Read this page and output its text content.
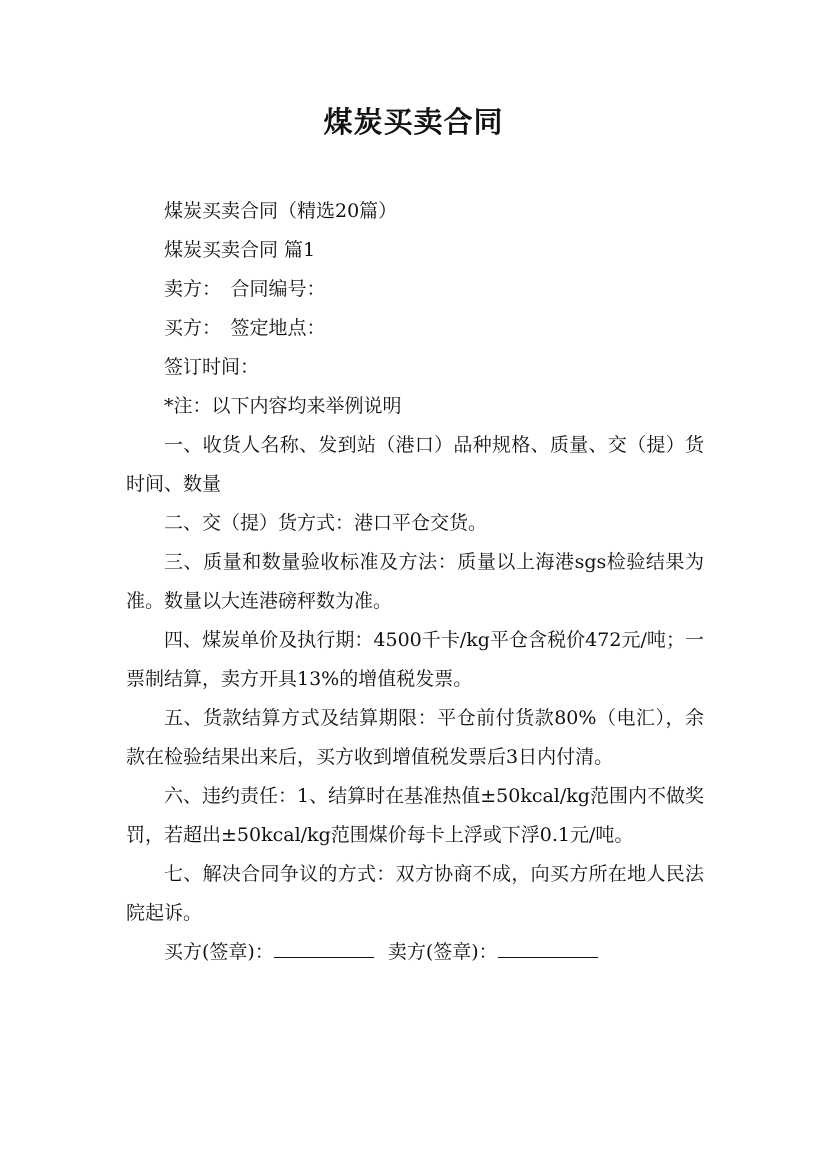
煤炭买卖合同

煤炭买卖合同（精选20篇）

煤炭买卖合同 篇1

卖方：　合同编号：

买方：　签定地点：

签订时间：

*注：以下内容均来举例说明

一、收货人名称、发到站（港口）品种规格、质量、交（提）货时间、数量

二、交（提）货方式：港口平仓交货。

三、质量和数量验收标准及方法：质量以上海港sgs检验结果为准。数量以大连港磅秤数为准。

四、煤炭单价及执行期：4500千卡/kg平仓含税价472元/吨；一票制结算，卖方开具13%的增值税发票。

五、货款结算方式及结算期限：平仓前付货款80%（电汇），余款在检验结果出来后，买方收到增值税发票后3日内付清。

六、违约责任：1、结算时在基准热值±50kcal/kg范围内不做奖罚，若超出±50kcal/kg范围煤价每卡上浮或下浮0.1元/吨。

七、解决合同争议的方式：双方协商不成，向买方所在地人民法院起诉。

买方(签章)：	卖方(签章)：
